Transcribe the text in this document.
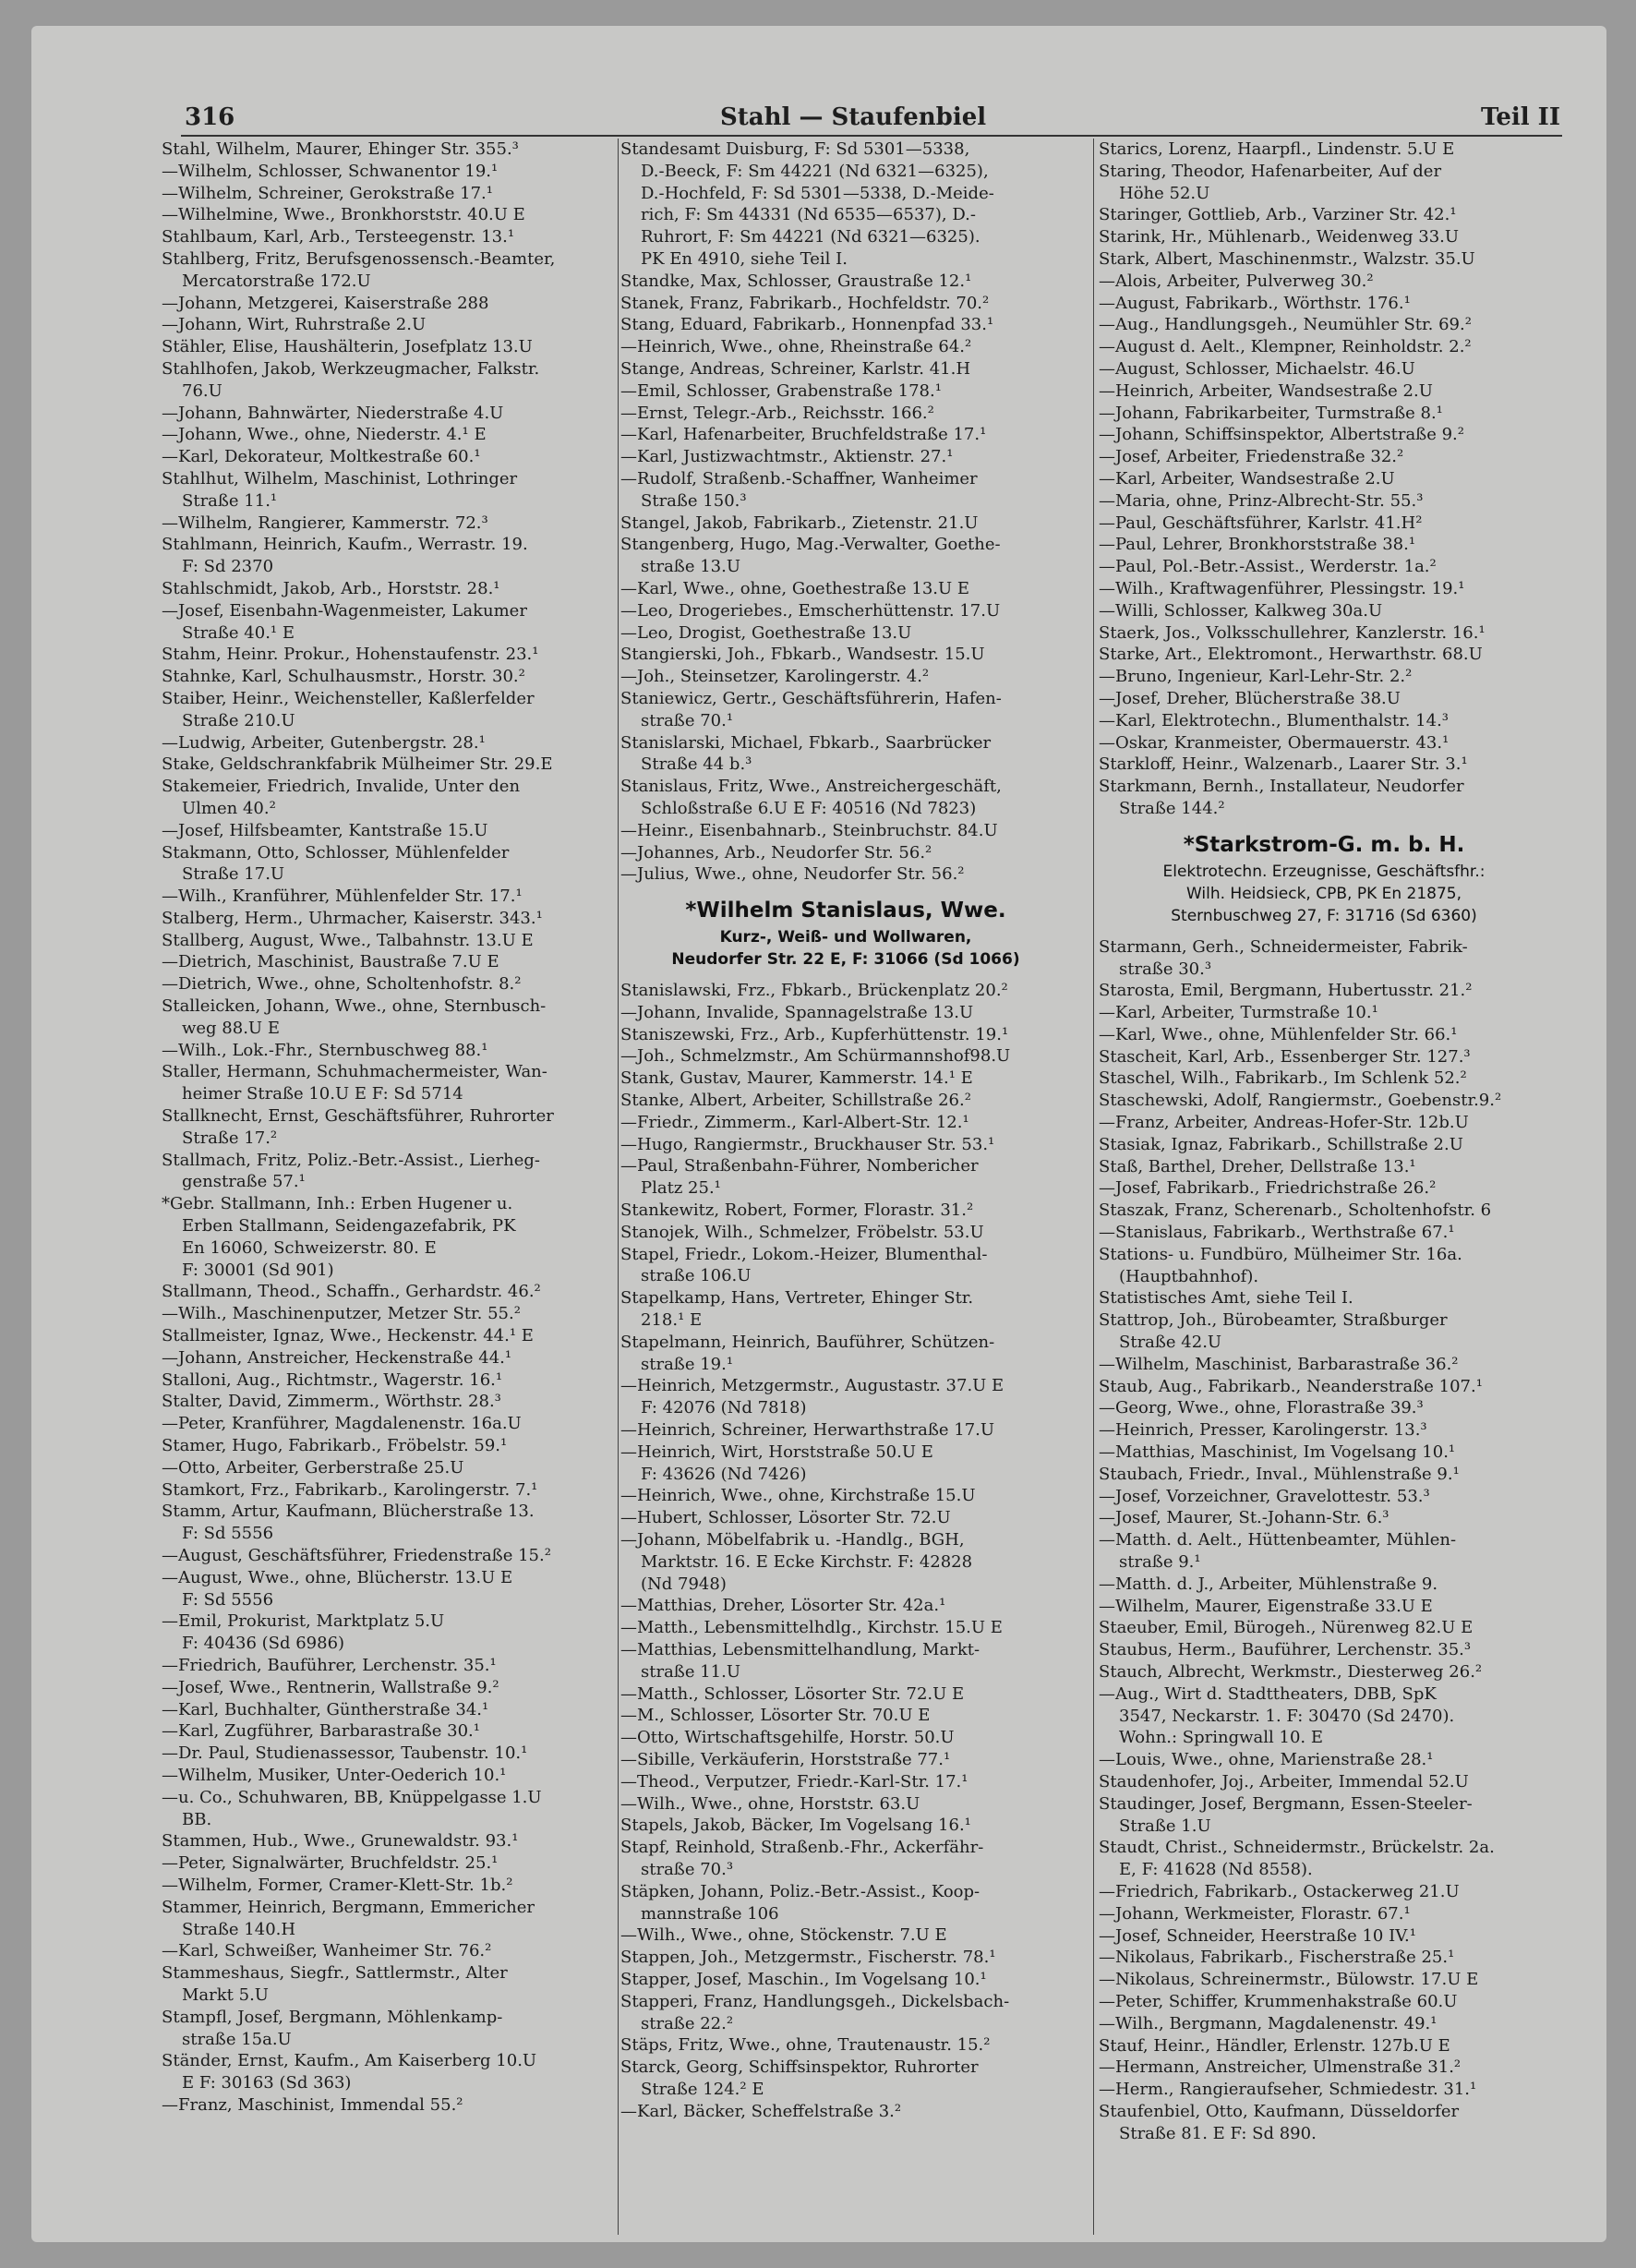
316	Stahl — Staufenbiel	Teil II
Stahl, Wilhelm, Maurer, Ehinger Str. 355.³
—Wilhelm, Schlosser, Schwanentor 19.¹
—Wilhelm, Schreiner, Gerokstraße 17.¹
—Wilhelmine, Wwe., Bronkhorststr. 40.U E
Stahlbaum, Karl, Arb., Tersteegenstr. 13.¹
Stahlberg, Fritz, Berufsgenossensch.-Beamter,
Mercatorstraße 172.U
—Johann, Metzgerei, Kaiserstraße 288
—Johann, Wirt, Ruhrstraße 2.U
Stähler, Elise, Haushälterin, Josefplatz 13.U
Stahlhofen, Jakob, Werkzeugmacher, Falkstr.
76.U
—Johann, Bahnwärter, Niederstraße 4.U
—Johann, Wwe., ohne, Niederstr. 4.¹ E
—Karl, Dekorateur, Moltkestraße 60.¹
Stahlhut, Wilhelm, Maschinist, Lothringer
Straße 11.¹
—Wilhelm, Rangierer, Kammerstr. 72.³
Stahlmann, Heinrich, Kaufm., Werrastr. 19.
F: Sd 2370
Stahlschmidt, Jakob, Arb., Horststr. 28.¹
—Josef, Eisenbahn-Wagenmeister, Lakumer
Straße 40.¹ E
Stahm, Heinr. Prokur., Hohenstaufenstr. 23.¹
Stahnke, Karl, Schulhausmstr., Horstr. 30.²
Staiber, Heinr., Weichensteller, Kaßlerfelder
Straße 210.U
—Ludwig, Arbeiter, Gutenbergstr. 28.¹
Stake, Geldschrankfabrik Mülheimer Str. 29.E
Stakemeier, Friedrich, Invalide, Unter den
Ulmen 40.²
—Josef, Hilfsbeamter, Kantstraße 15.U
Stakmann, Otto, Schlosser, Mühlenfelder
Straße 17.U
—Wilh., Kranführer, Mühlenfelder Str. 17.¹
Stalberg, Herm., Uhrmacher, Kaiserstr. 343.¹
Stallberg, August, Wwe., Talbahnstr. 13.U E
—Dietrich, Maschinist, Baustraße 7.U E
—Dietrich, Wwe., ohne, Scholtenhofstr. 8.²
Stalleicken, Johann, Wwe., ohne, Sternbusch-
weg 88.U E
—Wilh., Lok.-Fhr., Sternbuschweg 88.¹
Staller, Hermann, Schuhmachermeister, Wan-
heimer Straße 10.U E F: Sd 5714
Stallknecht, Ernst, Geschäftsführer, Ruhrorter
Straße 17.²
Stallmach, Fritz, Poliz.-Betr.-Assist., Lierheg-
genstraße 57.¹
*Gebr. Stallmann, Inh.: Erben Hugener u.
Erben Stallmann, Seidengazefabrik, PK
En 16060, Schweizerstr. 80. E
F: 30001 (Sd 901)
Stallmann, Theod., Schaffn., Gerhardstr. 46.²
—Wilh., Maschinenputzer, Metzer Str. 55.²
Stallmeister, Ignaz, Wwe., Heckenstr. 44.¹ E
—Johann, Anstreicher, Heckenstraße 44.¹
Stalloni, Aug., Richtmstr., Wagerstr. 16.¹
Stalter, David, Zimmerm., Wörthstr. 28.³
—Peter, Kranführer, Magdalenenstr. 16a.U
Stamer, Hugo, Fabrikarb., Fröbelstr. 59.¹
—Otto, Arbeiter, Gerberstraße 25.U
Stamkort, Frz., Fabrikarb., Karolingerstr. 7.¹
Stamm, Artur, Kaufmann, Blücherstraße 13.
F: Sd 5556
—August, Geschäftsführer, Friedenstraße 15.²
—August, Wwe., ohne, Blücherstr. 13.U E
F: Sd 5556
—Emil, Prokurist, Marktplatz 5.U
F: 40436 (Sd 6986)
—Friedrich, Bauführer, Lerchenstr. 35.¹
—Josef, Wwe., Rentnerin, Wallstraße 9.²
—Karl, Buchhalter, Güntherstraße 34.¹
—Karl, Zugführer, Barbarastraße 30.¹
—Dr. Paul, Studienassessor, Taubenstr. 10.¹
—Wilhelm, Musiker, Unter-Oederich 10.¹
—u. Co., Schuhwaren, BB, Knüppelgasse 1.U
BB.
Stammen, Hub., Wwe., Grunewaldstr. 93.¹
—Peter, Signalwärter, Bruchfeldstr. 25.¹
—Wilhelm, Former, Cramer-Klett-Str. 1b.²
Stammer, Heinrich, Bergmann, Emmericher
Straße 140.H
—Karl, Schweißer, Wanheimer Str. 76.²
Stammeshaus, Siegfr., Sattlermstr., Alter
Markt 5.U
Stampfl, Josef, Bergmann, Möhlenkamp-
straße 15a.U
Ständer, Ernst, Kaufm., Am Kaiserberg 10.U
E F: 30163 (Sd 363)
—Franz, Maschinist, Immendal 55.²
Standesamt Duisburg, F: Sd 5301—5338,
D.-Beeck, F: Sm 44221 (Nd 6321—6325),
D.-Hochfeld, F: Sd 5301—5338, D.-Meide-
rich, F: Sm 44331 (Nd 6535—6537), D.-
Ruhrort, F: Sm 44221 (Nd 6321—6325).
PK En 4910, siehe Teil I.
Standke, Max, Schlosser, Graustraße 12.¹
Stanek, Franz, Fabrikarb., Hochfeldstr. 70.²
Stang, Eduard, Fabrikarb., Honnenpfad 33.¹
—Heinrich, Wwe., ohne, Rheinstraße 64.²
Stange, Andreas, Schreiner, Karlstr. 41.H
—Emil, Schlosser, Grabenstraße 178.¹
—Ernst, Telegr.-Arb., Reichsstr. 166.²
—Karl, Hafenarbeiter, Bruchfeldstraße 17.¹
—Karl, Justizwachtmstr., Aktienstr. 27.¹
—Rudolf, Straßenb.-Schaffner, Wanheimer
Straße 150.³
Stangel, Jakob, Fabrikarb., Zietenstr. 21.U
Stangenberg, Hugo, Mag.-Verwalter, Goethe-
straße 13.U
—Karl, Wwe., ohne, Goethestraße 13.U E
—Leo, Drogeriebes., Emscherhüttenstr. 17.U
—Leo, Drogist, Goethestraße 13.U
Stangierski, Joh., Fbkarb., Wandsestr. 15.U
—Joh., Steinsetzer, Karolingerstr. 4.²
Staniewicz, Gertr., Geschäftsführerin, Hafen-
straße 70.¹
Stanislarski, Michael, Fbkarb., Saarbrücker
Straße 44 b.³
Stanislaus, Fritz, Wwe., Anstreichergeschäft,
Schloßstraße 6.U E F: 40516 (Nd 7823)
—Heinr., Eisenbahnarb., Steinbruchstr. 84.U
—Johannes, Arb., Neudorfer Str. 56.²
—Julius, Wwe., ohne, Neudorfer Str. 56.²
*Wilhelm Stanislaus, Wwe.
Kurz-, Weiß- und Wollwaren,
Neudorfer Str. 22 E, F: 31066 (Sd 1066)
Stanislawski, Frz., Fbkarb., Brückenplatz 20.²
—Johann, Invalide, Spannagelstraße 13.U
Staniszewski, Frz., Arb., Kupferhüttenstr. 19.¹
—Joh., Schmelzmstr., Am Schürmannshof98.U
Stank, Gustav, Maurer, Kammerstr. 14.¹ E
Stanke, Albert, Arbeiter, Schillstraße 26.²
—Friedr., Zimmerm., Karl-Albert-Str. 12.¹
—Hugo, Rangiermstr., Bruckhauser Str. 53.¹
—Paul, Straßenbahn-Führer, Nombericher
Platz 25.¹
Stankewitz, Robert, Former, Florastr. 31.²
Stanojek, Wilh., Schmelzer, Fröbelstr. 53.U
Stapel, Friedr., Lokom.-Heizer, Blumenthal-
straße 106.U
Stapelkamp, Hans, Vertreter, Ehinger Str.
218.¹ E
Stapelmann, Heinrich, Bauführer, Schützen-
straße 19.¹
—Heinrich, Metzgermstr., Augustastr. 37.U E
F: 42076 (Nd 7818)
—Heinrich, Schreiner, Herwarthstraße 17.U
—Heinrich, Wirt, Horststraße 50.U E
F: 43626 (Nd 7426)
—Heinrich, Wwe., ohne, Kirchstraße 15.U
—Hubert, Schlosser, Lösorter Str. 72.U
—Johann, Möbelfabrik u. -Handlg., BGH,
Marktstr. 16. E Ecke Kirchstr. F: 42828
(Nd 7948)
—Matthias, Dreher, Lösorter Str. 42a.¹
—Matth., Lebensmittelhdlg., Kirchstr. 15.U E
—Matthias, Lebensmittelhandlung, Markt-
straße 11.U
—Matth., Schlosser, Lösorter Str. 72.U E
—M., Schlosser, Lösorter Str. 70.U E
—Otto, Wirtschaftsgehilfe, Horstr. 50.U
—Sibille, Verkäuferin, Horststraße 77.¹
—Theod., Verputzer, Friedr.-Karl-Str. 17.¹
—Wilh., Wwe., ohne, Horststr. 63.U
Stapels, Jakob, Bäcker, Im Vogelsang 16.¹
Stapf, Reinhold, Straßenb.-Fhr., Ackerfähr-
straße 70.³
Stäpken, Johann, Poliz.-Betr.-Assist., Koop-
mannstraße 106
—Wilh., Wwe., ohne, Stöckenstr. 7.U E
Stappen, Joh., Metzgermstr., Fischerstr. 78.¹
Stapper, Josef, Maschin., Im Vogelsang 10.¹
Stapperi, Franz, Handlungsgeh., Dickelsbach-
straße 22.²
Stäps, Fritz, Wwe., ohne, Trautenaustr. 15.²
Starck, Georg, Schiffsinspektor, Ruhrorter
Straße 124.² E
—Karl, Bäcker, Scheffelstraße 3.²
Starics, Lorenz, Haarpfl., Lindenstr. 5.U E
Staring, Theodor, Hafenarbeiter, Auf der
Höhe 52.U
Staringer, Gottlieb, Arb., Varziner Str. 42.¹
Starink, Hr., Mühlenarb., Weidenweg 33.U
Stark, Albert, Maschinenmstr., Walzstr. 35.U
—Alois, Arbeiter, Pulverweg 30.²
—August, Fabrikarb., Wörthstr. 176.¹
—Aug., Handlungsgeh., Neumühler Str. 69.²
—August d. Aelt., Klempner, Reinholdstr. 2.²
—August, Schlosser, Michaelstr. 46.U
—Heinrich, Arbeiter, Wandsestraße 2.U
—Johann, Fabrikarbeiter, Turmstraße 8.¹
—Johann, Schiffsinspektor, Albertstraße 9.²
—Josef, Arbeiter, Friedenstraße 32.²
—Karl, Arbeiter, Wandsestraße 2.U
—Maria, ohne, Prinz-Albrecht-Str. 55.³
—Paul, Geschäftsführer, Karlstr. 41.H²
—Paul, Lehrer, Bronkhorststraße 38.¹
—Paul, Pol.-Betr.-Assist., Werderstr. 1a.²
—Wilh., Kraftwagenführer, Plessingstr. 19.¹
—Willi, Schlosser, Kalkweg 30a.U
Staerk, Jos., Volksschullehrer, Kanzlerstr. 16.¹
Starke, Art., Elektromont., Herwarthstr. 68.U
—Bruno, Ingenieur, Karl-Lehr-Str. 2.²
—Josef, Dreher, Blücherstraße 38.U
—Karl, Elektrotechn., Blumenthalstr. 14.³
—Oskar, Kranmeister, Obermauerstr. 43.¹
Starkloff, Heinr., Walzenarb., Laarer Str. 3.¹
Starkmann, Bernh., Installateur, Neudorfer
Straße 144.²
*Starkstrom-G. m. b. H.
Elektrotechn. Erzeugnisse, Geschäftsfhr.:
Wilh. Heidsieck, CPB, PK En 21875,
Sternbuschweg 27, F: 31716 (Sd 6360)
Starmann, Gerh., Schneidermeister, Fabrik-
straße 30.³
Starosta, Emil, Bergmann, Hubertusstr. 21.²
—Karl, Arbeiter, Turmstraße 10.¹
—Karl, Wwe., ohne, Mühlenfelder Str. 66.¹
Stascheit, Karl, Arb., Essenberger Str. 127.³
Staschel, Wilh., Fabrikarb., Im Schlenk 52.²
Staschewski, Adolf, Rangiermstr., Goebenstr.9.²
—Franz, Arbeiter, Andreas-Hofer-Str. 12b.U
Stasiak, Ignaz, Fabrikarb., Schillstraße 2.U
Staß, Barthel, Dreher, Dellstraße 13.¹
—Josef, Fabrikarb., Friedrichstraße 26.²
Staszak, Franz, Scherenarb., Scholtenhofstr. 6
—Stanislaus, Fabrikarb., Werthstraße 67.¹
Stations- u. Fundbüro, Mülheimer Str. 16a.
(Hauptbahnhof).
Statistisches Amt, siehe Teil I.
Stattrop, Joh., Bürobeamter, Straßburger
Straße 42.U
—Wilhelm, Maschinist, Barbarastraße 36.²
Staub, Aug., Fabrikarb., Neanderstraße 107.¹
—Georg, Wwe., ohne, Florastraße 39.³
—Heinrich, Presser, Karolingerstr. 13.³
—Matthias, Maschinist, Im Vogelsang 10.¹
Staubach, Friedr., Inval., Mühlenstraße 9.¹
—Josef, Vorzeichner, Gravelottestr. 53.³
—Josef, Maurer, St.-Johann-Str. 6.³
—Matth. d. Aelt., Hüttenbeamter, Mühlen-
straße 9.¹
—Matth. d. J., Arbeiter, Mühlenstraße 9.
—Wilhelm, Maurer, Eigenstraße 33.U E
Staeuber, Emil, Bürogeh., Nürenweg 82.U E
Staubus, Herm., Bauführer, Lerchenstr. 35.³
Stauch, Albrecht, Werkmstr., Diesterweg 26.²
—Aug., Wirt d. Stadttheaters, DBB, SpK
3547, Neckarstr. 1. F: 30470 (Sd 2470).
Wohn.: Springwall 10. E
—Louis, Wwe., ohne, Marienstraße 28.¹
Staudenhofer, Joj., Arbeiter, Immendal 52.U
Staudinger, Josef, Bergmann, Essen-Steeler-
Straße 1.U
Staudt, Christ., Schneidermstr., Brückelstr. 2a.
E, F: 41628 (Nd 8558).
—Friedrich, Fabrikarb., Ostackerweg 21.U
—Johann, Werkmeister, Florastr. 67.¹
—Josef, Schneider, Heerstraße 10 IV.¹
—Nikolaus, Fabrikarb., Fischerstraße 25.¹
—Nikolaus, Schreinermstr., Bülowstr. 17.U E
—Peter, Schiffer, Krummenhakstraße 60.U
—Wilh., Bergmann, Magdalenenstr. 49.¹
Stauf, Heinr., Händler, Erlenstr. 127b.U E
—Hermann, Anstreicher, Ulmenstraße 31.²
—Herm., Rangieraufseher, Schmiedestr. 31.¹
Staufenbiel, Otto, Kaufmann, Düsseldorfer
Straße 81. E F: Sd 890.
